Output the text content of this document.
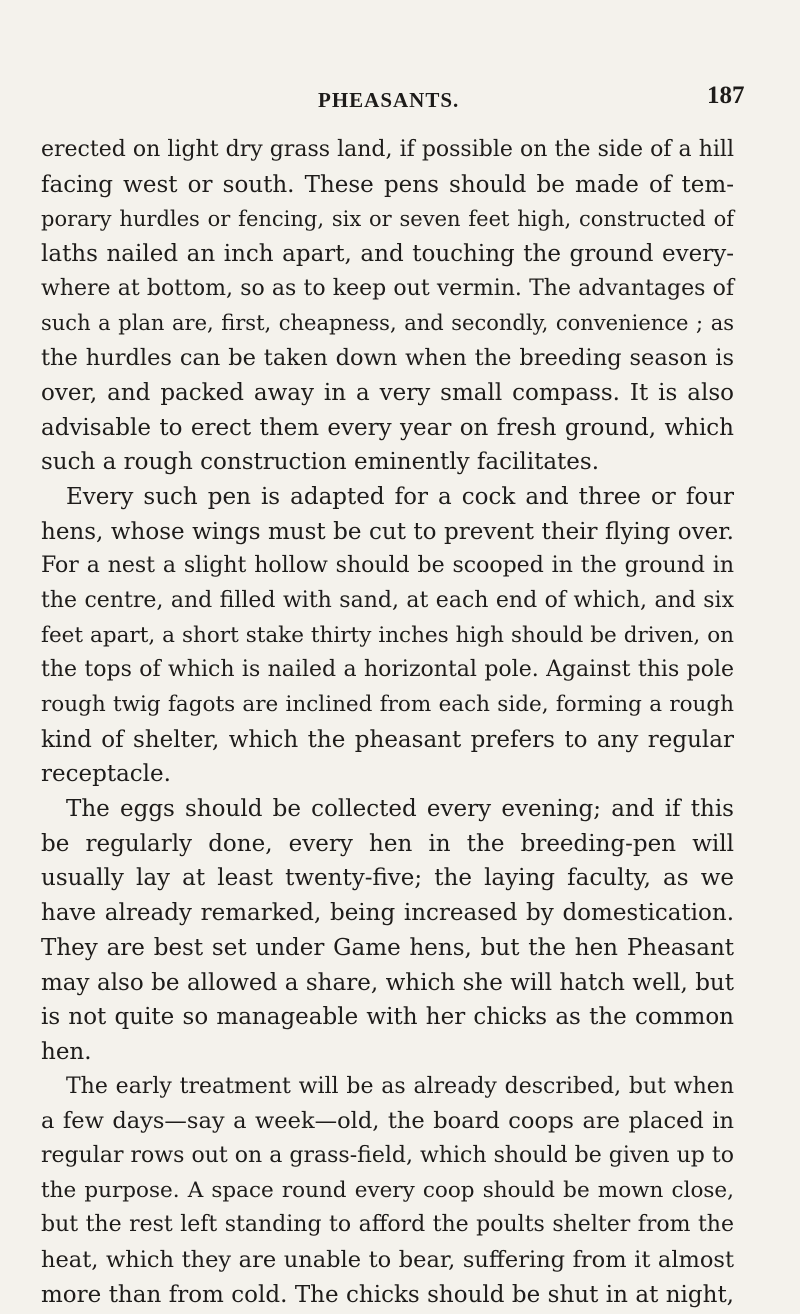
PHEASANTS.	187
erected on light dry grass land, if possible on the side of a hill
facing west or south. These pens should be made of tem-
porary hurdles or fencing, six or seven feet high, constructed of
laths nailed an inch apart, and touching the ground every-
where at bottom, so as to keep out vermin. The advantages of
such a plan are, first, cheapness, and secondly, convenience ; as
the hurdles can be taken down when the breeding season is
over, and packed away in a very small compass. It is also
advisable to erect them every year on fresh ground, which
such a rough construction eminently facilitates.
Every such pen is adapted for a cock and three or four
hens, whose wings must be cut to prevent their flying over.
For a nest a slight hollow should be scooped in the ground in
the centre, and filled with sand, at each end of which, and six
feet apart, a short stake thirty inches high should be driven, on
the tops of which is nailed a horizontal pole. Against this pole
rough twig fagots are inclined from each side, forming a rough
kind of shelter, which the pheasant prefers to any regular
receptacle.
The eggs should be collected every evening; and if this
be regularly done, every hen in the breeding-pen will
usually lay at least twenty-five; the laying faculty, as we
have already remarked, being increased by domestication.
They are best set under Game hens, but the hen Pheasant
may also be allowed a share, which she will hatch well, but
is not quite so manageable with her chicks as the common
hen.
The early treatment will be as already described, but when
a few days—say a week—old, the board coops are placed in
regular rows out on a grass-field, which should be given up to
the purpose. A space round every coop should be mown close,
but the rest left standing to afford the poults shelter from the
heat, which they are unable to bear, suffering from it almost
more than from cold. The chicks should be shut in at night,
